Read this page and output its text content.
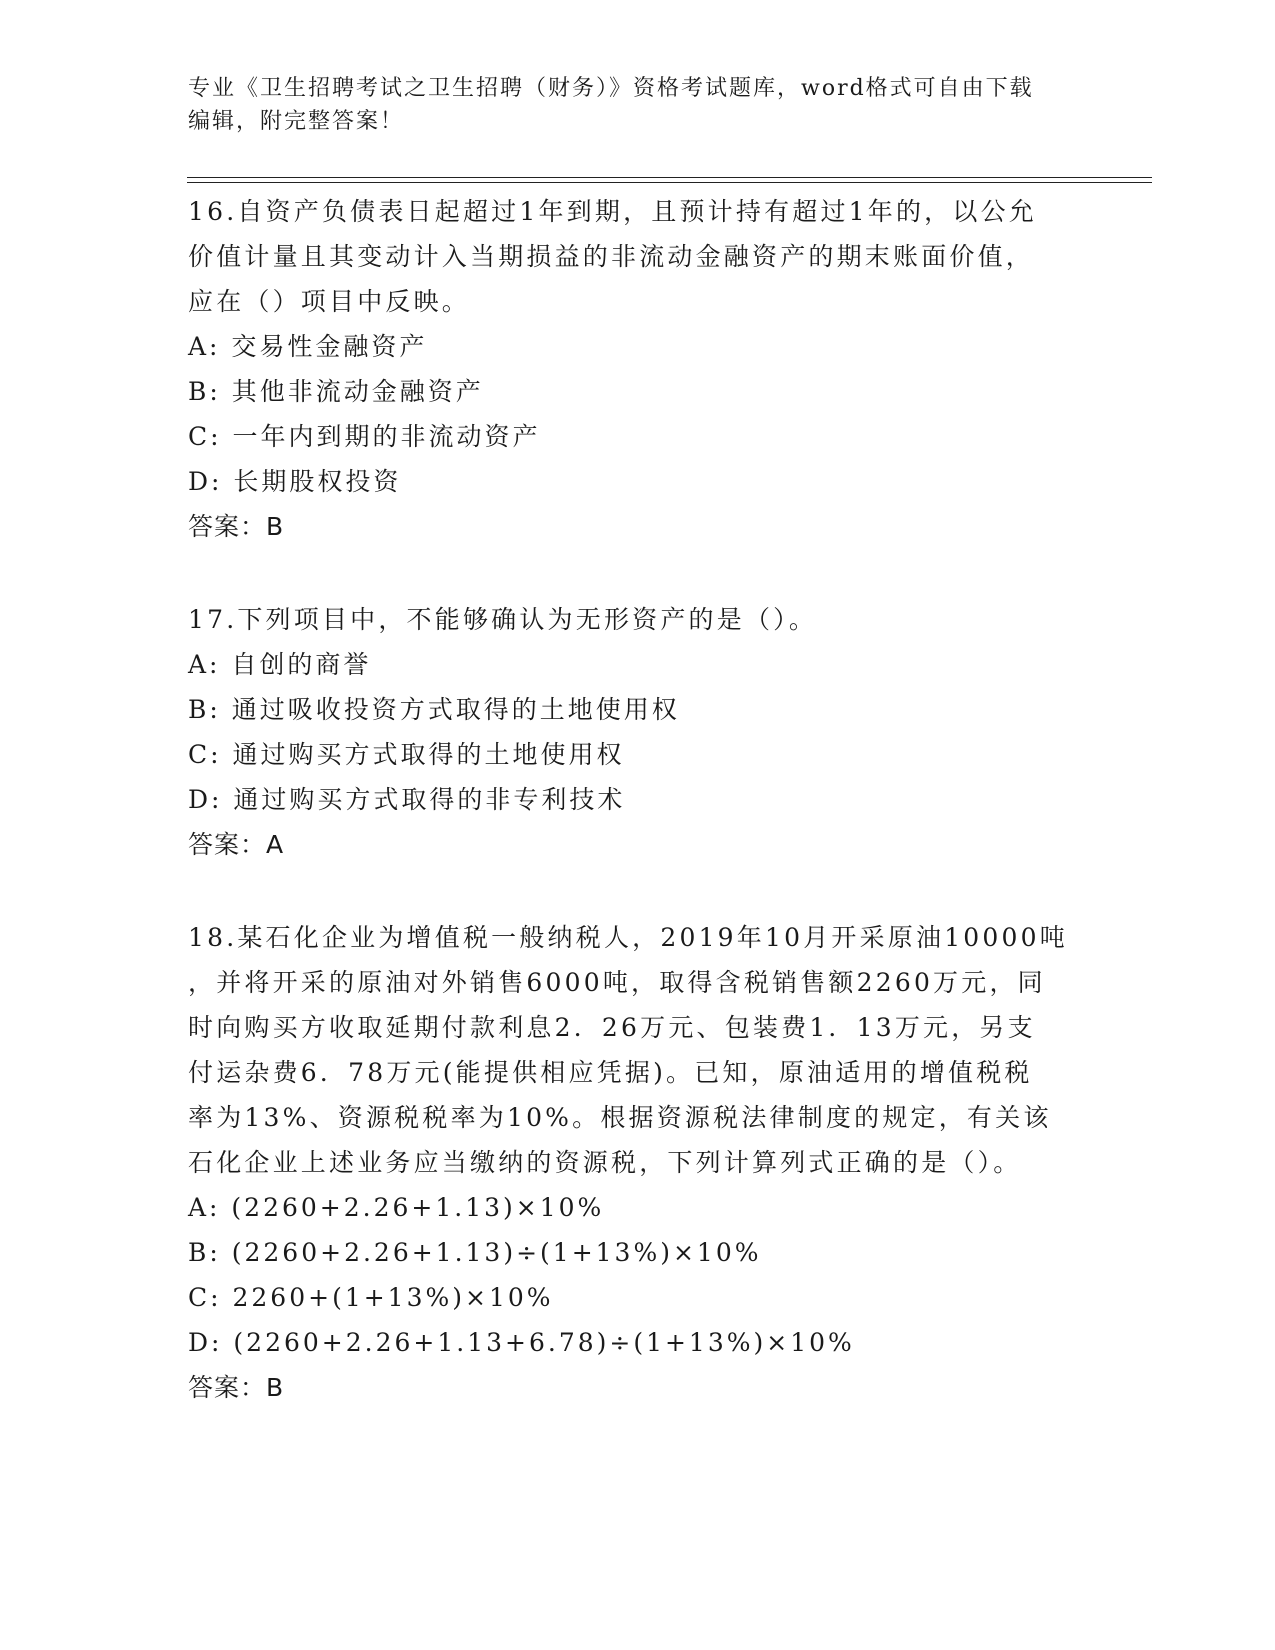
专业《卫生招聘考试之卫生招聘（财务）》资格考试题库，word格式可自由下载
编辑，附完整答案！

16.自资产负债表日起超过1年到期，且预计持有超过1年的，以公允
价值计量且其变动计入当期损益的非流动金融资产的期末账面价值，
应在（）项目中反映。

A: 交易性金融资产

B: 其他非流动金融资产

C: 一年内到期的非流动资产

D: 长期股权投资

答案：B

17.下列项目中，不能够确认为无形资产的是（）。

A: 自创的商誉

B: 通过吸收投资方式取得的土地使用权

C: 通过购买方式取得的土地使用权

D: 通过购买方式取得的非专利技术

答案：A

18.某石化企业为增值税一般纳税人，2019年10月开采原油10000吨
，并将开采的原油对外销售6000吨，取得含税销售额2260万元，同
时向购买方收取延期付款利息2．26万元、包装费1．13万元，另支
付运杂费6．78万元(能提供相应凭据)。已知，原油适用的增值税税
率为13%、资源税税率为10%。根据资源税法律制度的规定，有关该
石化企业上述业务应当缴纳的资源税，下列计算列式正确的是（）。

A: (2260+2.26+1.13)×10%

B: (2260+2.26+1.13)÷(1+13%)×10%

C: 2260+(1+13%)×10%

D: (2260+2.26+1.13+6.78)÷(1+13%)×10%

答案：B
